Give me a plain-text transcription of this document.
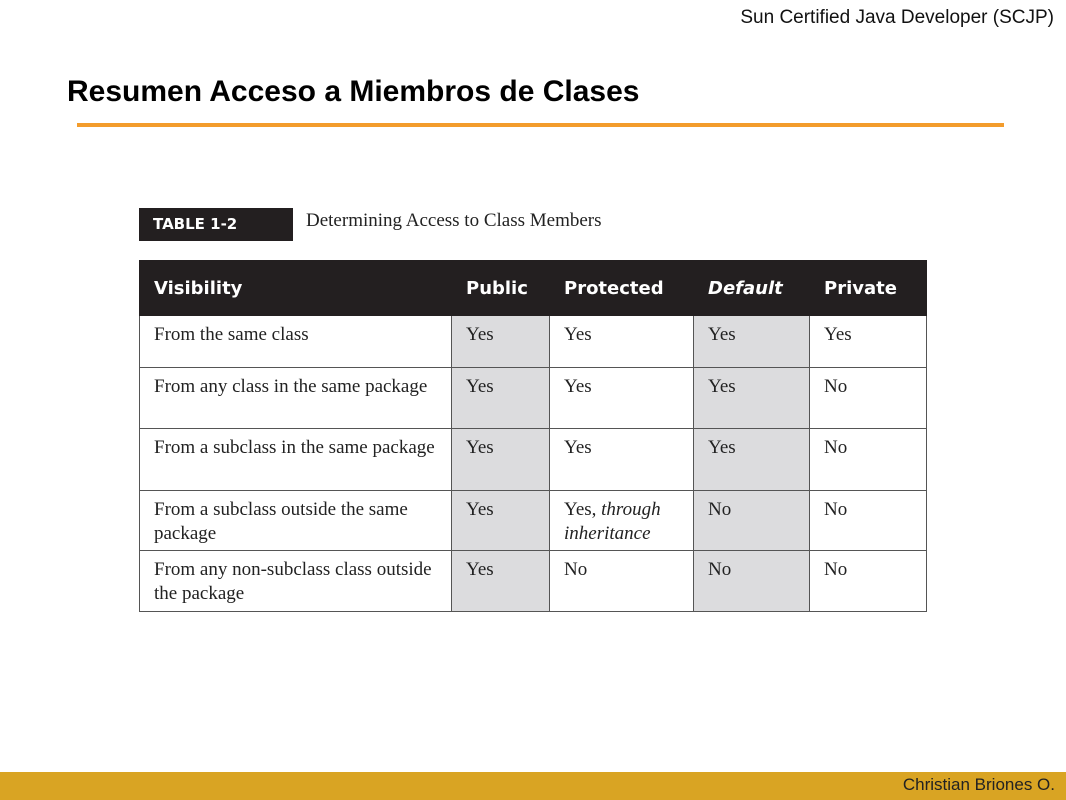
Sun Certified Java Developer (SCJP)
Resumen Acceso a Miembros de Clases
TABLE 1-2	Determining Access to Class Members
Visibility	Public	Protected	Default	Private
From the same class	Yes	Yes	Yes	Yes
From any class in the same package	Yes	Yes	Yes	No
From a subclass in the same package	Yes	Yes	Yes	No
From a subclass outside the same package	Yes	Yes, through inheritance	No	No
From any non-subclass class outside the package	Yes	No	No	No
Christian Briones O.
